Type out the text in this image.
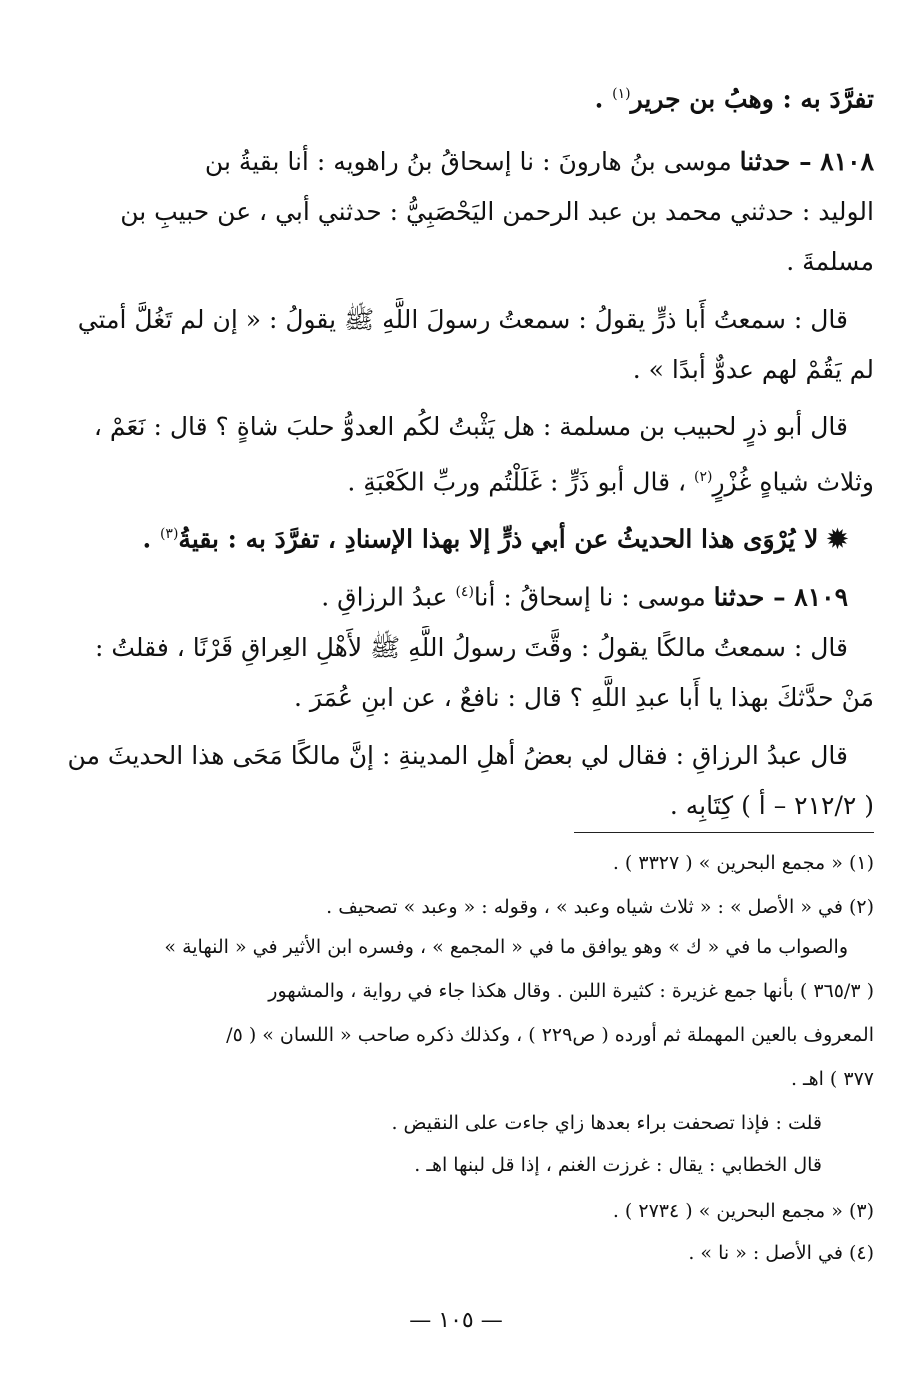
تفرَّدَ به : وهبُ بن جرير$^{(١)}$ .
٨١٠٨ – حدثنا موسى بنُ هارونَ : نا إسحاقُ بنُ راهويه : أنا بقيةُ بن
الوليد : حدثني محمد بن عبد الرحمن اليَحْصَبِيُّ : حدثني أبي ، عن حبيبِ بن
مسلمةَ .
قال : سمعتُ أَبا ذرٍّ يقولُ : سمعتُ رسولَ اللَّهِ ﷺ يقولُ : « إن لم تَغُلَّ أمتي
لم يَقُمْ لهم عدوٌّ أبدًا » .
قال أبو ذرٍ لحبيب بن مسلمة : هل يَثْبتُ لكُم العدوُّ حلبَ شاةٍ ؟ قال : نَعَمْ ،
وثلاث شياهٍ غُزْرٍ$^{(٢)}$ ، قال أبو ذَرٍّ : غَلَلْتُم وربِّ الكَعْبَةِ .
✹ لا يُرْوَى هذا الحديثُ عن أبي ذرٍّ إلا بهذا الإسنادِ ، تفرَّدَ به : بقيةُ$^{(٣)}$ .
٨١٠٩ – حدثنا موسى : نا إسحاقُ : أنا$^{(٤)}$ عبدُ الرزاقِ .
قال : سمعتُ مالكًا يقولُ : وقَّتَ رسولُ اللَّهِ ﷺ لأَهْلِ العِراقِ قَرْنًا ، فقلتُ :
مَنْ حدَّثكَ بهذا يا أَبا عبدِ اللَّهِ ؟ قال : نافعٌ ، عن ابنِ عُمَرَ .
قال عبدُ الرزاقِ : فقال لي بعضُ أهلِ المدينةِ : إنَّ مالكًا مَحَى هذا الحديثَ من
( ٢١٢/٢ – أ ) كِتَابِه .
(١) « مجمع البحرين » ( ٣٣٢٧ ) .
(٢) في « الأصل » : « ثلاث شياه وعبد » ، وقوله : « وعبد » تصحيف .
والصواب ما في « ك » وهو يوافق ما في « المجمع » ، وفسره ابن الأثير في « النهاية »
( ٣٦٥/٣ ) بأنها جمع غزيرة : كثيرة اللبن . وقال هكذا جاء في رواية ، والمشهور
المعروف بالعين المهملة ثم أورده ( ص٢٢٩ ) ، وكذلك ذكره صاحب « اللسان » ( ٥/
٣٧٧ ) اهـ .
قلت : فإذا تصحفت براء بعدها زاي جاءت على النقيض .
قال الخطابي : يقال : غرزت الغنم ، إذا قل لبنها اهـ .
(٣) « مجمع البحرين » ( ٢٧٣٤ ) .
(٤) في الأصل : « نا » .
— ١٠٥ —
